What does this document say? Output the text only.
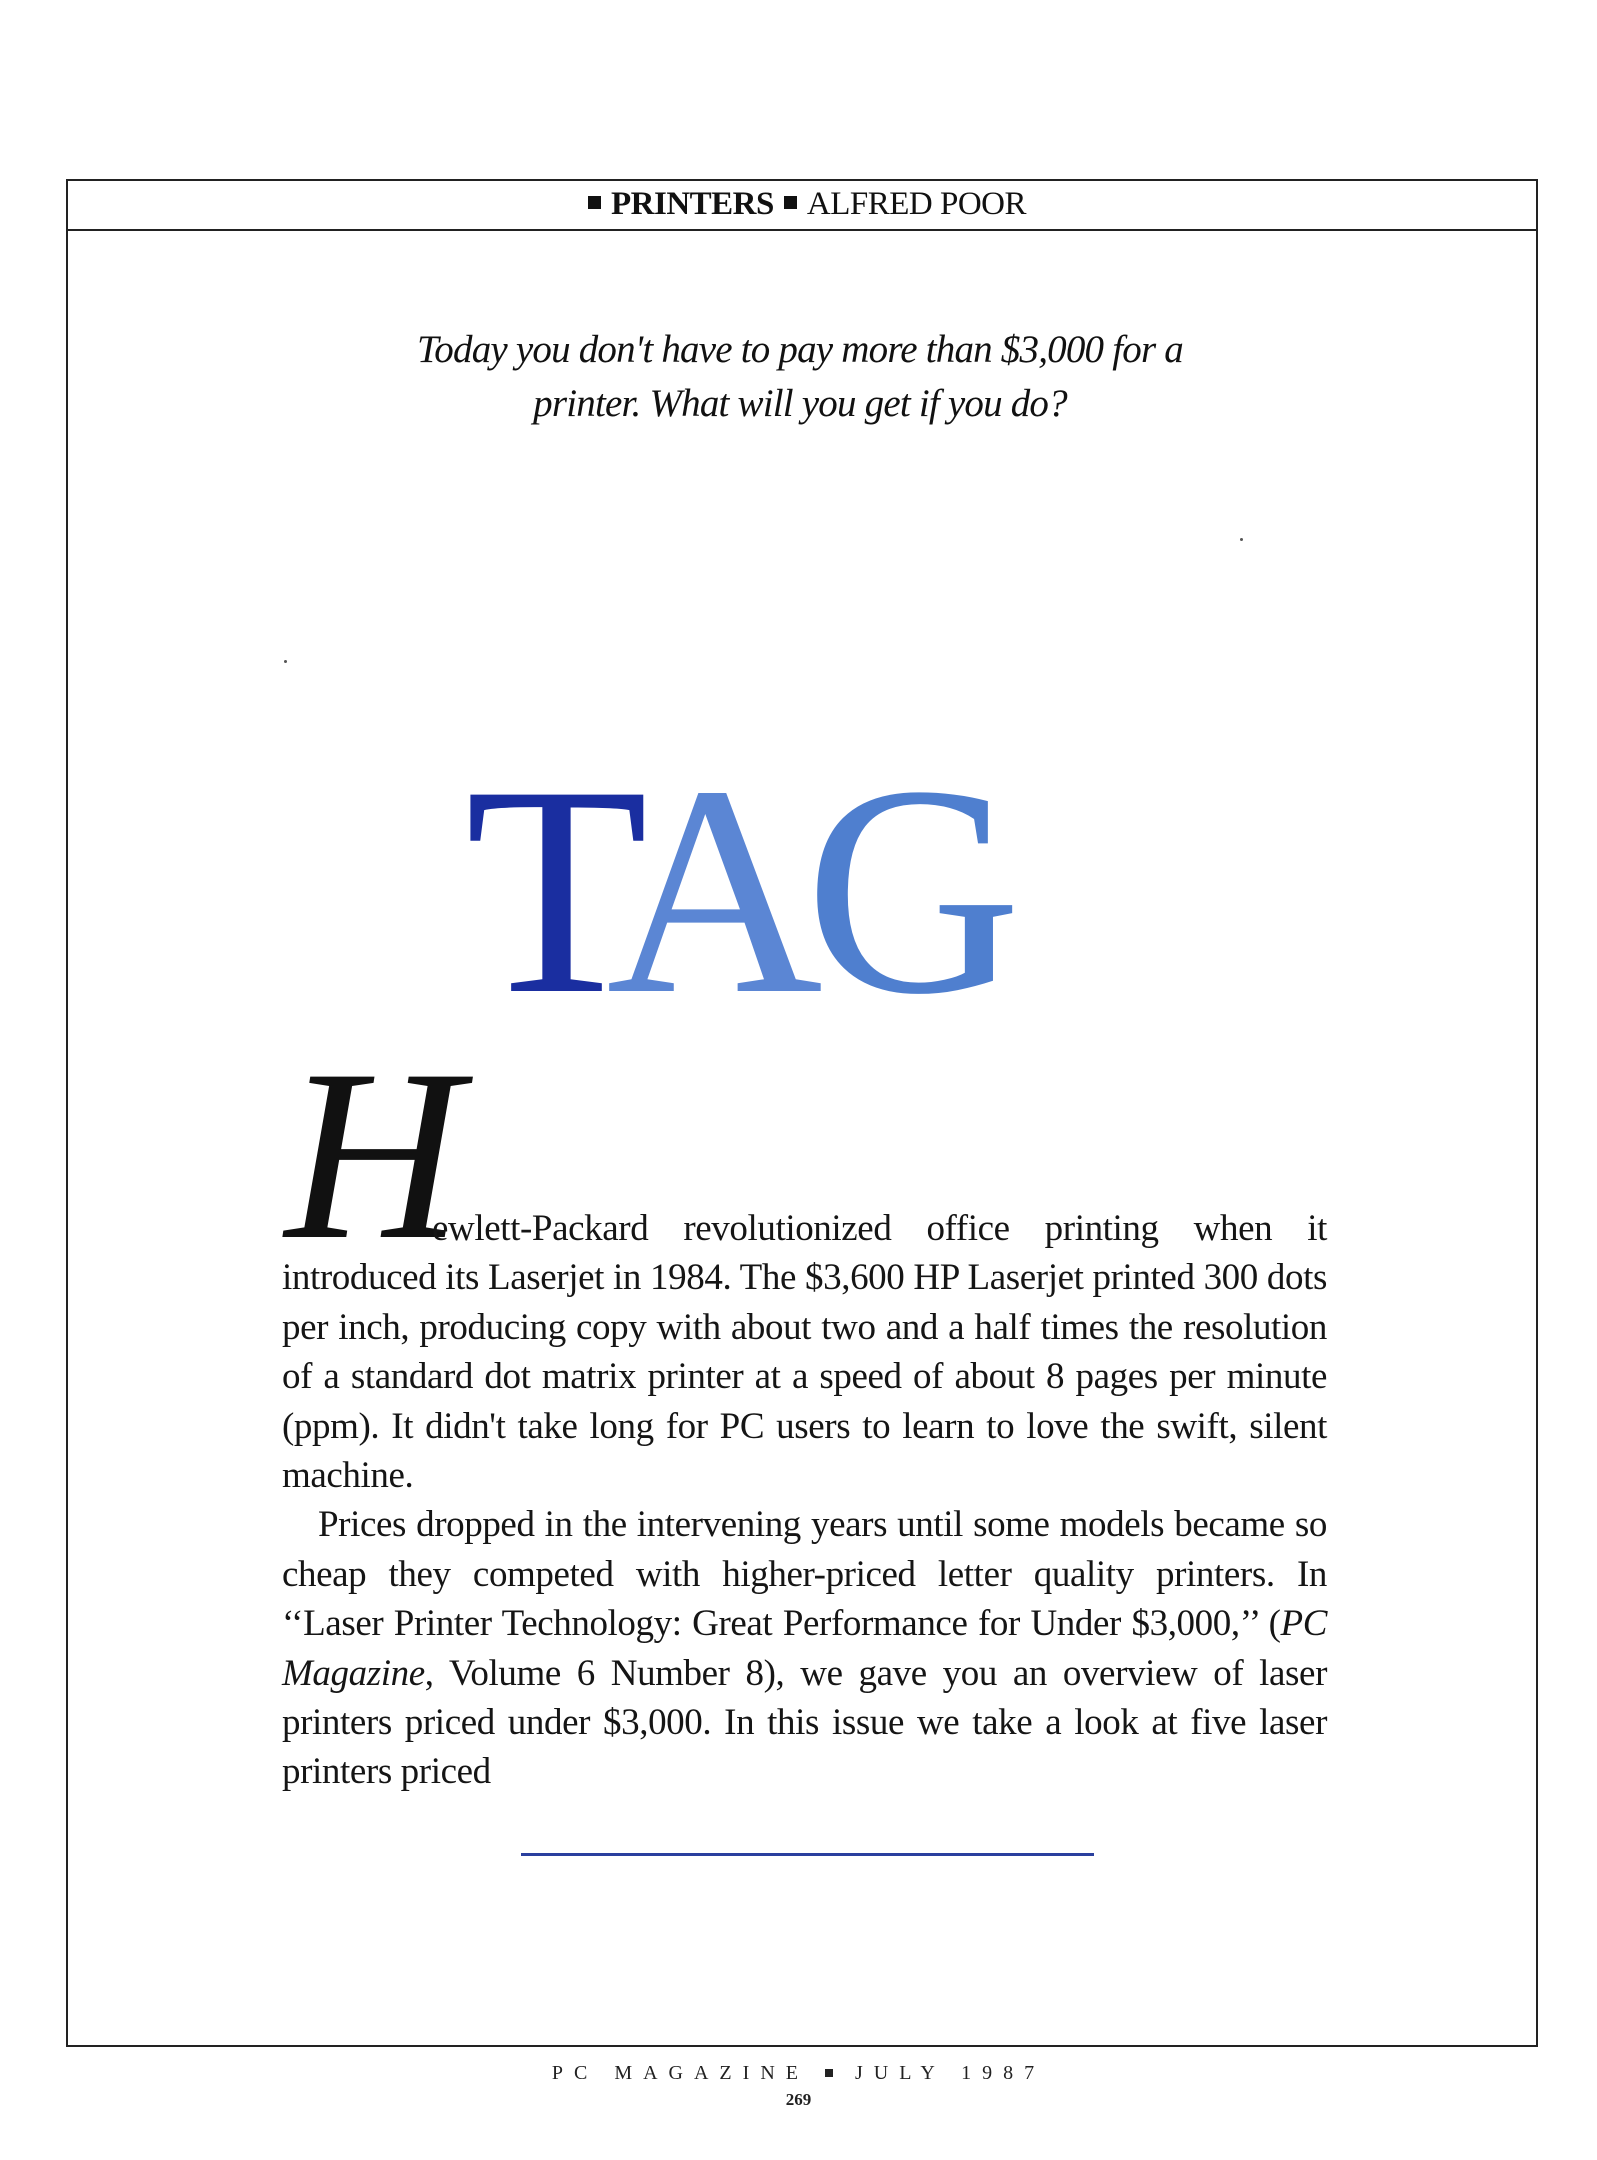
PRINTERS ALFRED POOR
Today you don't have to pay more than $3,000 for a
printer. What will you get if you do?
TAG
H

ewlett-Packard revolutionized office printing when it introduced its Laserjet in 1984. The $3,600 HP Laserjet printed 300 dots per inch, producing copy with about two and a half times the resolution of a standard dot matrix printer at a speed of about 8 pages per minute (ppm). It didn't take long for PC users to learn to love the swift, silent machine.

Prices dropped in the intervening years until some models became so cheap they competed with higher-priced letter quality printers. In ‘‘Laser Printer Technology: Great Performance for Under $3,000,’’ (PC Magazine, Volume 6 Number 8), we gave you an overview of laser printers priced under $3,000. In this issue we take a look at five laser printers priced

PC MAGAZINE JULY 1987
269
